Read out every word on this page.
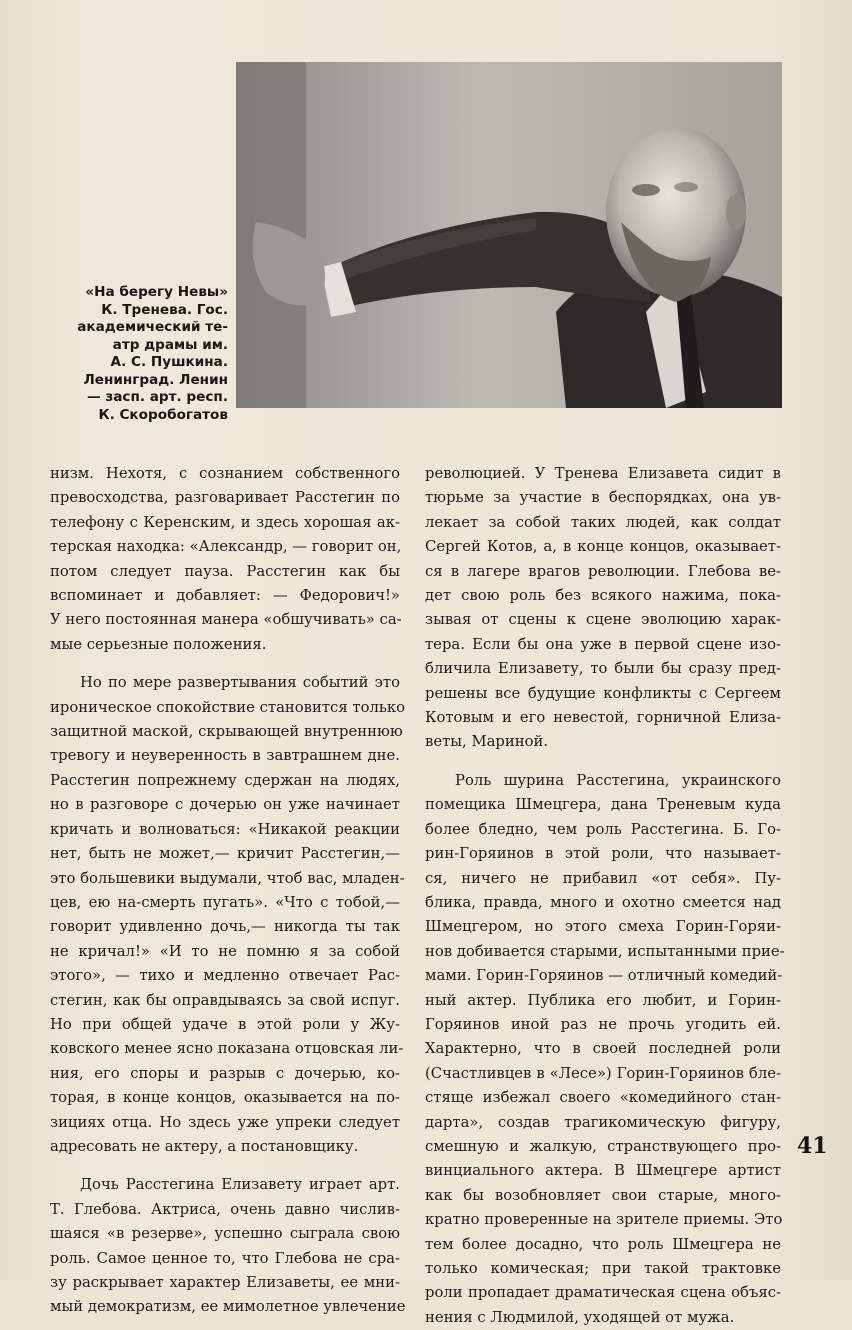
«На берегу Невы»
К. Тренева. Гос.
академический те-
атр драмы им.
А. С. Пушкина.
Ленинград. Ленин
— засп. арт. респ.
К. Скоробогатов

низм. Нехотя, с сознанием собственного
превосходства, разговаривает Расстегин по
телефону с Керенским, и здесь хорошая ак-
терская находка: «Александр, — говорит он,
потом следует пауза. Расстегин как бы
вспоминает и добавляет: — Федорович!»
У него постоянная манера «обшучивать» са-
мые серьезные положения.

Но по мере развертывания событий это
ироническое спокойствие становится только
защитной маской, скрывающей внутреннюю
тревогу и неуверенность в завтрашнем дне.
Расстегин попрежнему сдержан на людях,
но в разговоре с дочерью он уже начинает
кричать и волноваться: «Никакой реакции
нет, быть не может,— кричит Расстегин,—
это большевики выдумали, чтоб вас, младен-
цев, ею на-смерть пугать». «Что с тобой,—
говорит удивленно дочь,— никогда ты так
не кричал!» «И то не помню я за собой
этого», — тихо и медленно отвечает Рас-
стегин, как бы оправдываясь за свой испуг.
Но при общей удаче в этой роли у Жу-
ковского менее ясно показана отцовская ли-
ния, его споры и разрыв с дочерью, ко-
торая, в конце концов, оказывается на по-
зициях отца. Но здесь уже упреки следует
адресовать не актеру, а постановщику.

Дочь Расстегина Елизавету играет арт.
Т. Глебова. Актриса, очень давно числив-
шаяся «в резерве», успешно сыграла свою
роль. Самое ценное то, что Глебова не сра-
зу раскрывает характер Елизаветы, ее мни-
мый демократизм, ее мимолетное увлечение

революцией. У Тренева Елизавета сидит в
тюрьме за участие в беспорядках, она ув-
лекает за собой таких людей, как солдат
Сергей Котов, а, в конце концов, оказывает-
ся в лагере врагов революции. Глебова ве-
дет свою роль без всякого нажима, пока-
зывая от сцены к сцене эволюцию харак-
тера. Если бы она уже в первой сцене изо-
бличила Елизавету, то были бы сразу пред-
решены все будущие конфликты с Сергеем
Котовым и его невестой, горничной Елиза-
веты, Мариной.

Роль шурина Расстегина, украинского
помещика Шмецгера, дана Треневым куда
более бледно, чем роль Расстегина. Б. Го-
рин-Горяинов в этой роли, что называет-
ся, ничего не прибавил «от себя». Пу-
блика, правда, много и охотно смеется над
Шмецгером, но этого смеха Горин-Горяи-
нов добивается старыми, испытанными прие-
мами. Горин-Горяинов — отличный комедий-
ный актер. Публика его любит, и Горин-
Горяинов иной раз не прочь угодить ей.
Характерно, что в своей последней роли
(Счастливцев в «Лесе») Горин-Горяинов бле-
стяще избежал своего «комедийного стан-
дарта», создав трагикомическую фигуру,
смешную и жалкую, странствующего про-
винциального актера. В Шмецгере артист
как бы возобновляет свои старые, много-
кратно проверенные на зрителе приемы. Это
тем более досадно, что роль Шмецгера не
только комическая; при такой трактовке
роли пропадает драматическая сцена объяс-
нения с Людмилой, уходящей от мужа.

41
